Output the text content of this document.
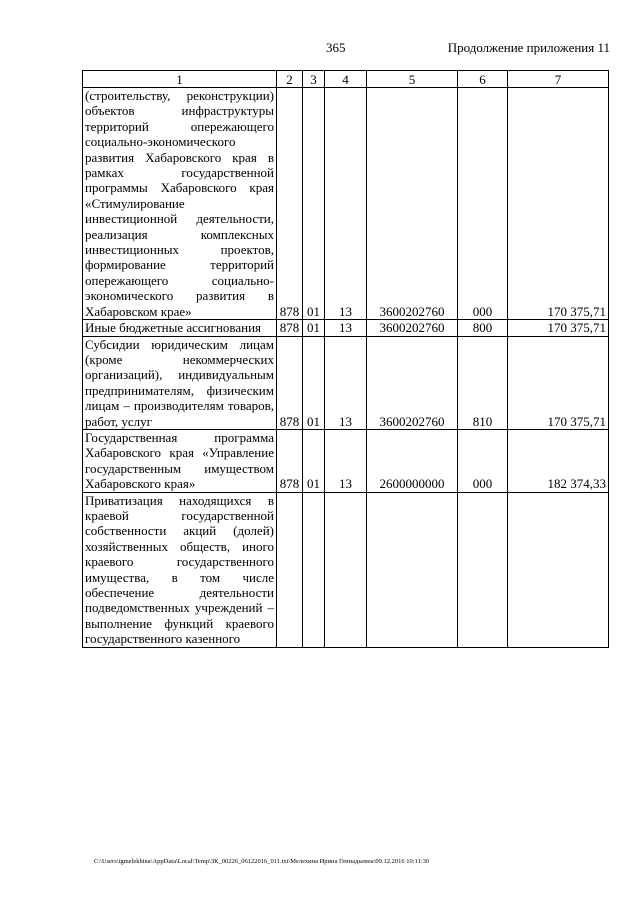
365	Продолжение приложения 11
1	2	3	4	5	6	7
(строительству, реконструкции) объектов инфраструктуры территорий опережающего социально-экономического развития Хабаровского края в рамках государственной программы Хабаровского края «Стимулирование инвестиционной деятельности, реализация комплексных инвестиционных проектов, формирование территорий опережающего социально-экономического развития в Хабаровском крае»	878	01	13	3600202760	000	170 375,71
Иные бюджетные ассигнования	878	01	13	3600202760	800	170 375,71
Субсидии юридическим лицам (кроме некоммерческих организаций), индивидуальным предпринимателям, физическим лицам – производителям товаров, работ, услуг	878	01	13	3600202760	810	170 375,71
Государственная программа Хабаровского края «Управление государственным имуществом Хабаровского края»	878	01	13	2600000000	000	182 374,33
Приватизация находящихся в краевой государственной собственности акций (долей) хозяйственных обществ, иного краевого государственного имущества, в том числе обеспечение деятельности подведомственных учреждений – выполнение функций краевого государственного казенного						
C:\Users\igmelekhina\AppData\Local\Temp\ЗК_00226_06122016_011.txt\Мелехина Ирина Геннадьевна\09.12.2016 10:11:30
